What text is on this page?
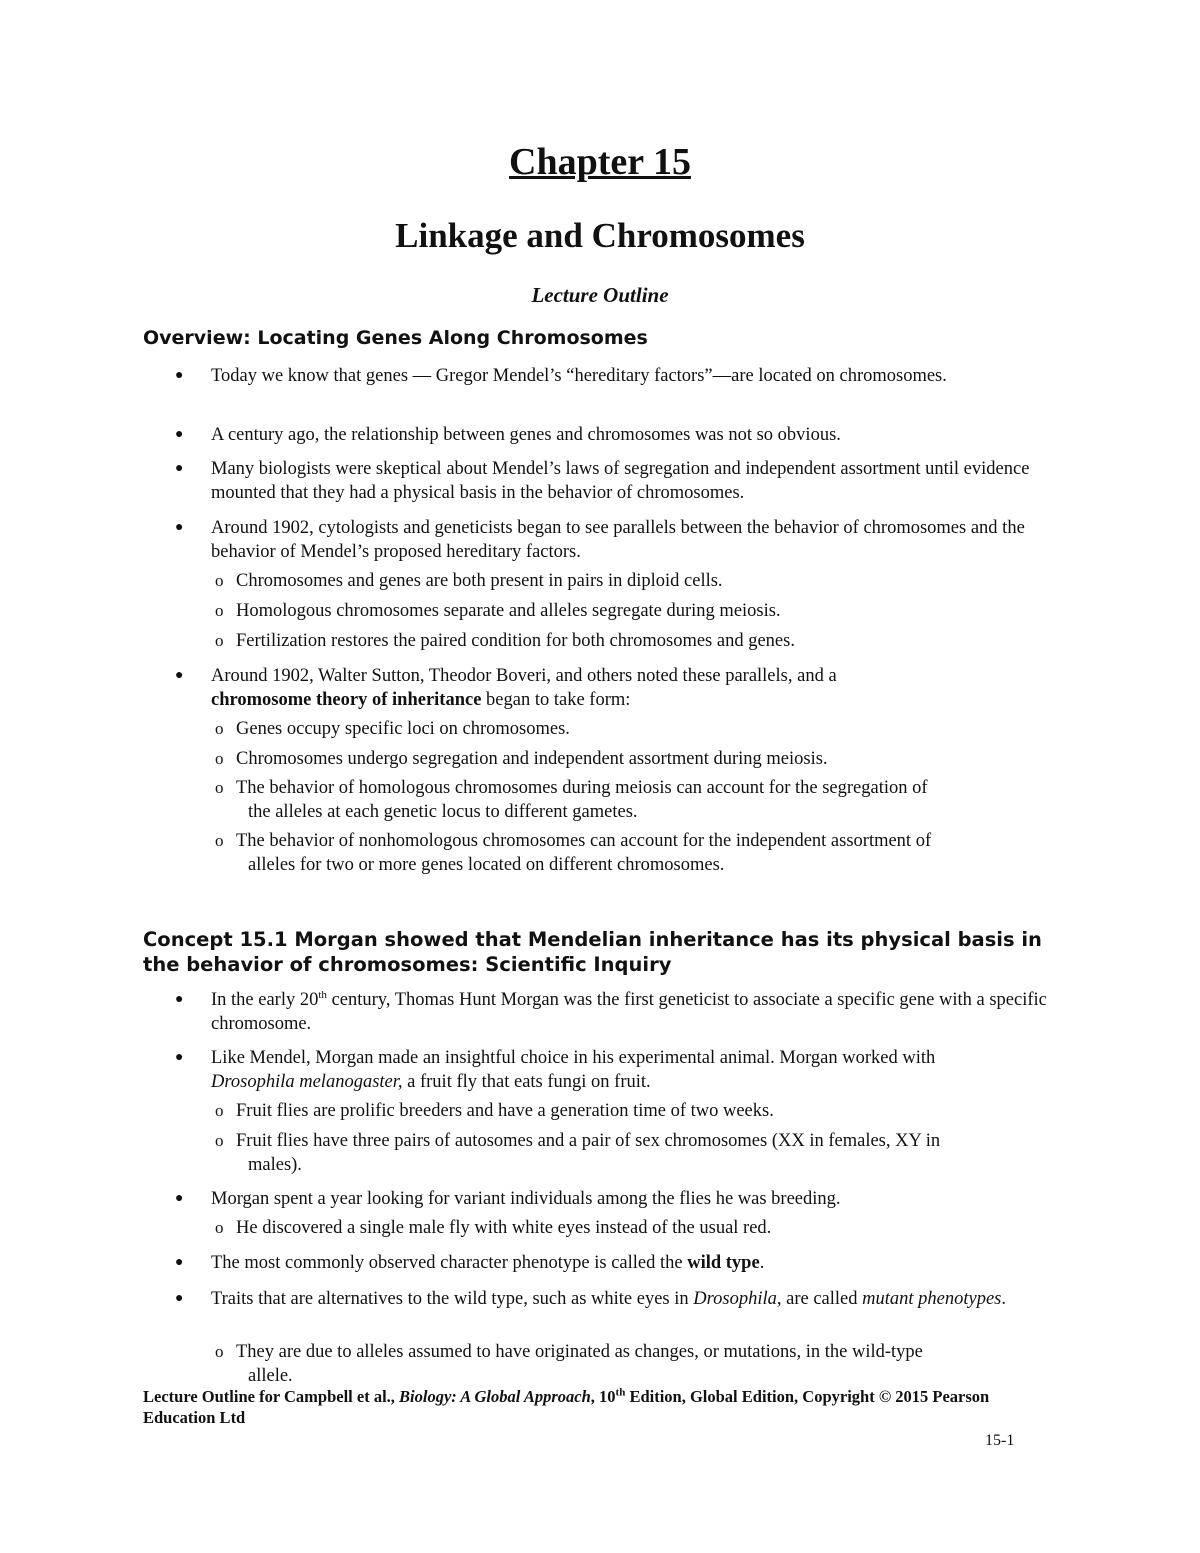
Chapter 15
Linkage and Chromosomes
Lecture Outline
Overview: Locating Genes Along Chromosomes
●
Today we know that genes — Gregor Mendel’s “hereditary factors”—are located on chromosomes.
●
A century ago, the relationship between genes and chromosomes was not so obvious.
●
Many biologists were skeptical about Mendel’s laws of segregation and independent assortment until evidence mounted that they had a physical basis in the behavior of chromosomes.
●
Around 1902, cytologists and geneticists began to see parallels between the behavior of chromosomes and the behavior of Mendel’s proposed hereditary factors.
o Chromosomes and genes are both present in pairs in diploid cells.
o Homologous chromosomes separate and alleles segregate during meiosis.
o Fertilization restores the paired condition for both chromosomes and genes.
●
Around 1902, Walter Sutton, Theodor Boveri, and others noted these parallels, and a
chromosome theory of inheritance began to take form:
o Genes occupy specific loci on chromosomes.
o Chromosomes undergo segregation and independent assortment during meiosis.
o The behavior of homologous chromosomes during meiosis can account for the segregation of
the alleles at each genetic locus to different gametes.
o The behavior of nonhomologous chromosomes can account for the independent assortment of
alleles for two or more genes located on different chromosomes.
Concept 15.1 Morgan showed that Mendelian inheritance has its physical basis in the behavior of chromosomes: Scientific Inquiry
●
In the early 20th century, Thomas Hunt Morgan was the first geneticist to associate a specific gene with a specific chromosome.
●
Like Mendel, Morgan made an insightful choice in his experimental animal. Morgan worked with
Drosophila melanogaster, a fruit fly that eats fungi on fruit.
o Fruit flies are prolific breeders and have a generation time of two weeks.
o Fruit flies have three pairs of autosomes and a pair of sex chromosomes (XX in females, XY in
males).
●
Morgan spent a year looking for variant individuals among the flies he was breeding.
o He discovered a single male fly with white eyes instead of the usual red.
●
The most commonly observed character phenotype is called the wild type.
●
Traits that are alternatives to the wild type, such as white eyes in Drosophila, are called mutant phenotypes.
o They are due to alleles assumed to have originated as changes, or mutations, in the wild-type
allele.
Lecture Outline for Campbell et al., Biology: A Global Approach, 10th Edition, Global Edition, Copyright © 2015 Pearson Education Ltd
15-1
